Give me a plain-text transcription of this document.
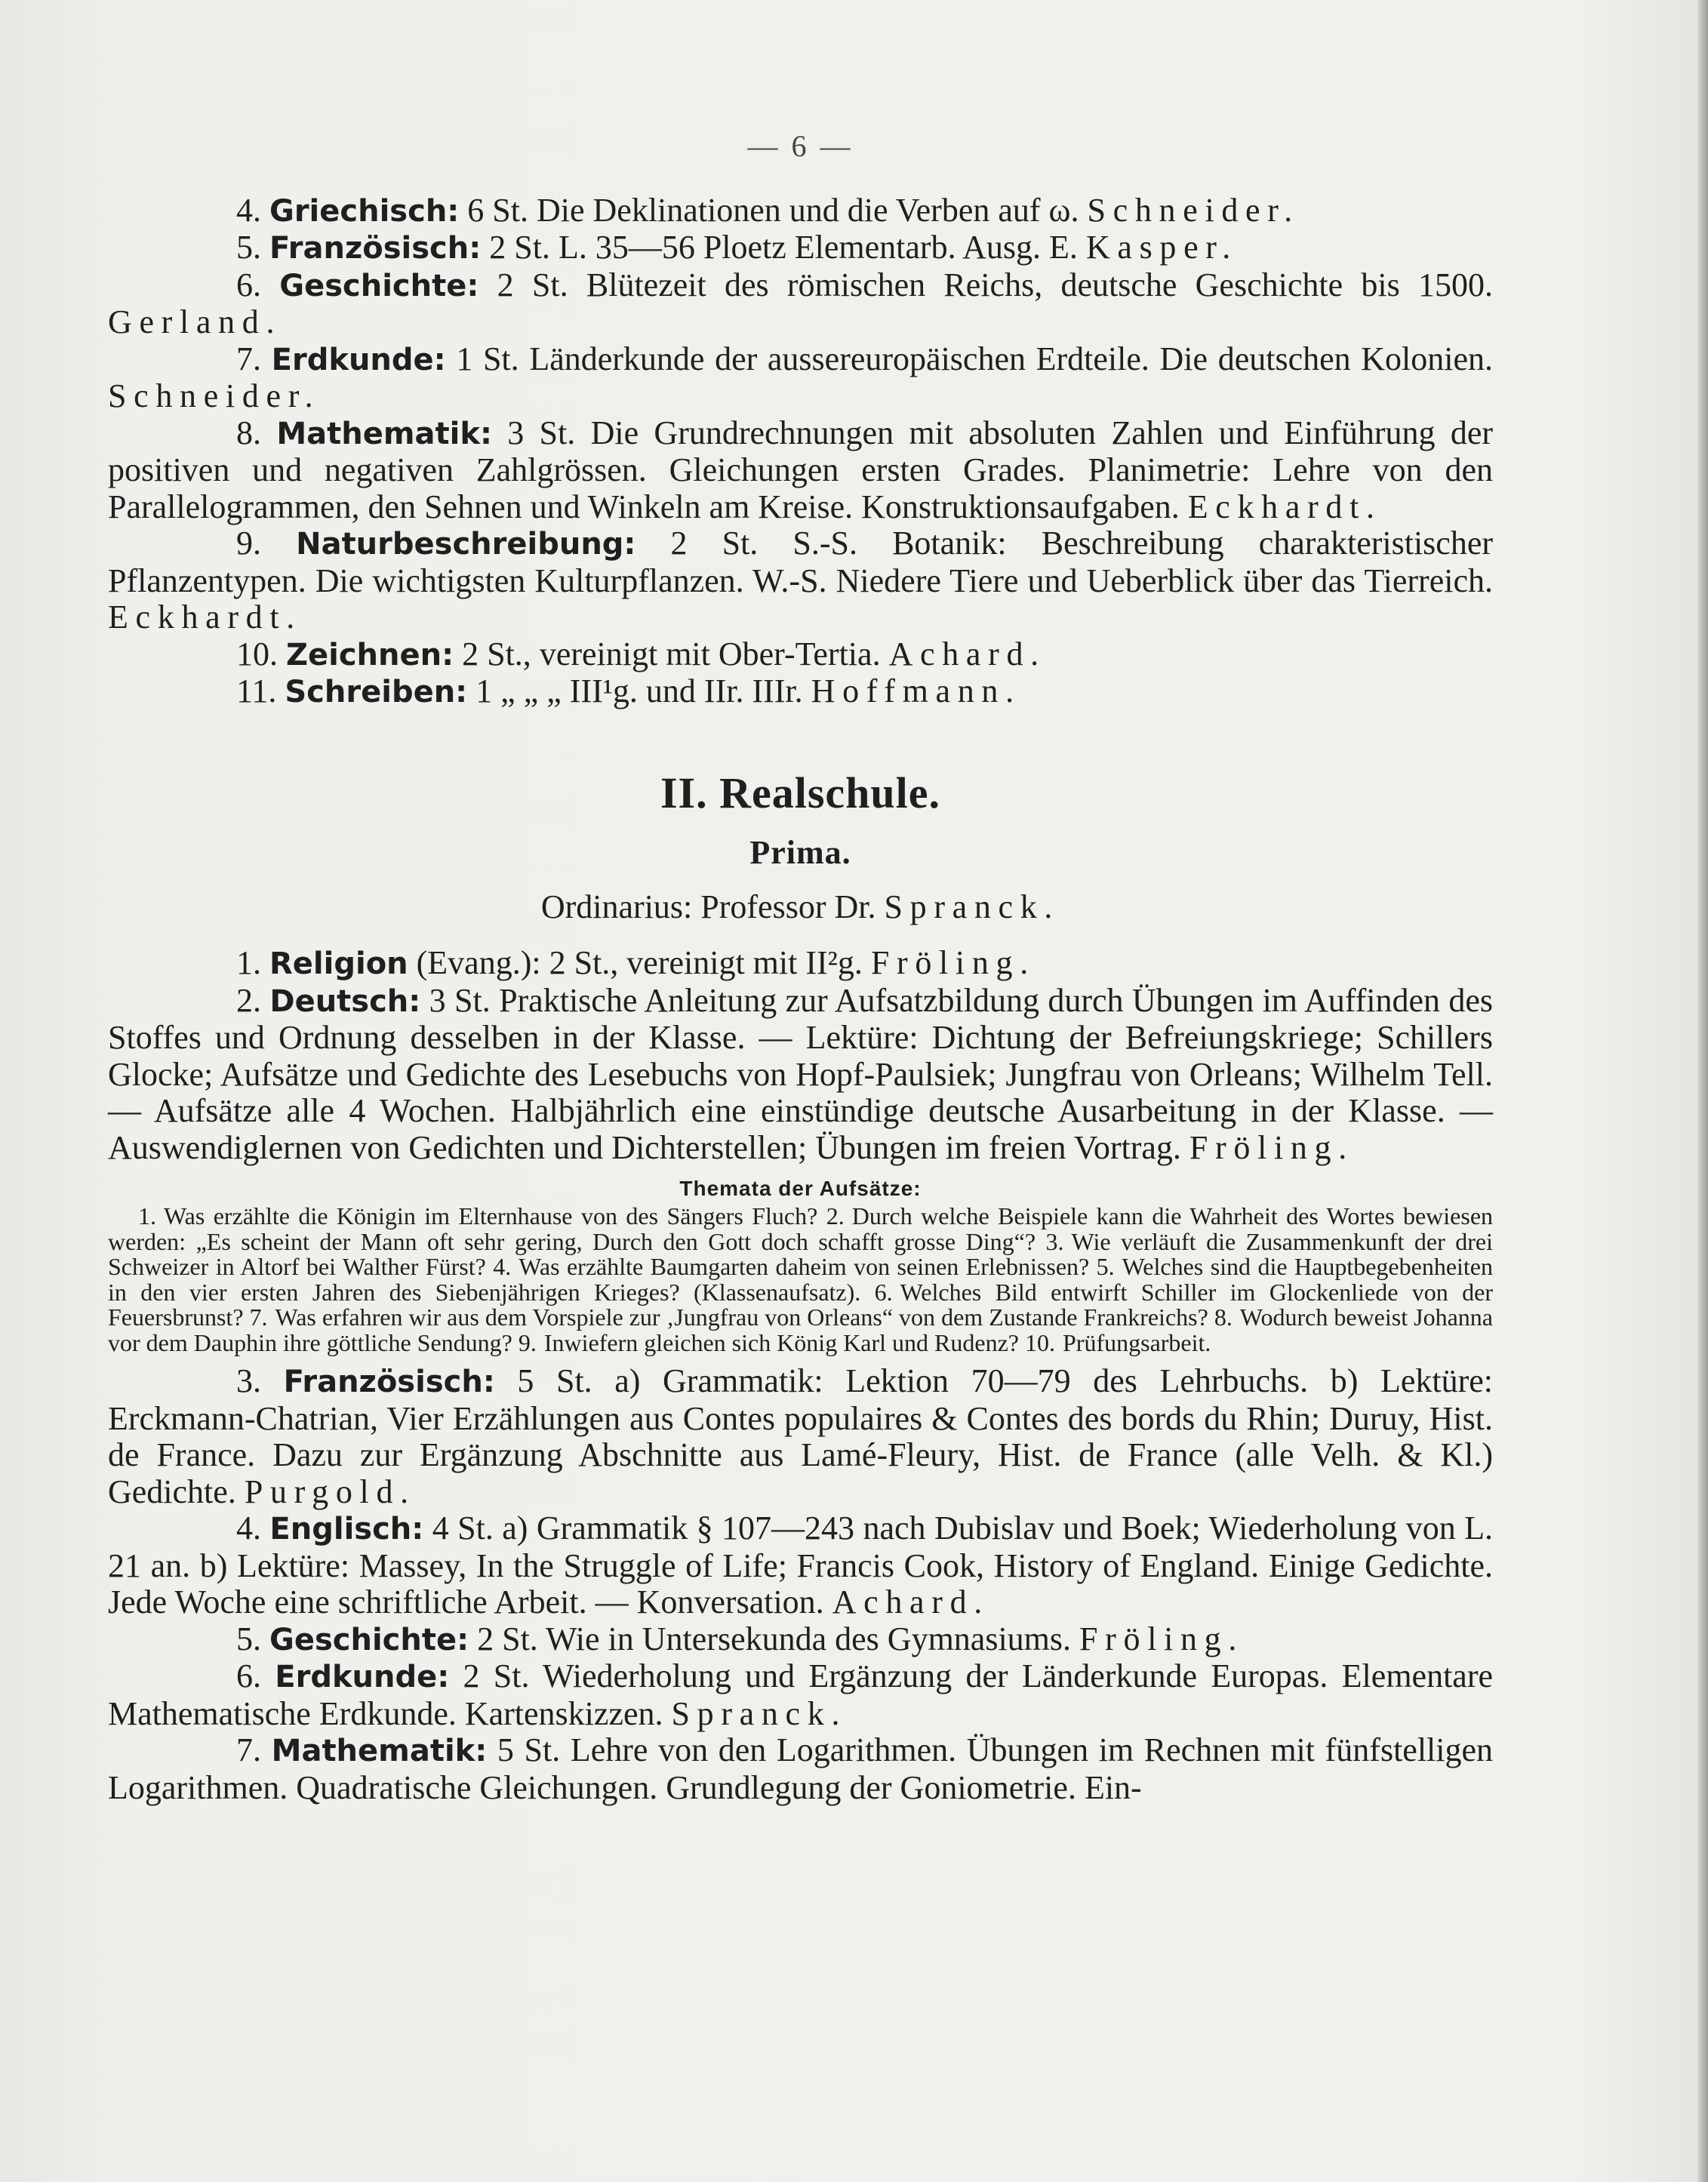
— 6 —

4. Griechisch: 6 St. Die Deklinationen und die Verben auf ω. Schneider.

5. Französisch: 2 St. L. 35—56 Ploetz Elementarb. Ausg. E. Kasper.

6. Geschichte: 2 St. Blütezeit des römischen Reichs, deutsche Geschichte bis 1500. Gerland.

7. Erdkunde: 1 St. Länderkunde der aussereuropäischen Erdteile. Die deutschen Kolonien. Schneider.

8. Mathematik: 3 St. Die Grundrechnungen mit absoluten Zahlen und Einführung der positiven und negativen Zahlgrössen. Gleichungen ersten Grades. Planimetrie: Lehre von den Parallelogrammen, den Sehnen und Winkeln am Kreise. Konstruktionsaufgaben. Eckhardt.

9. Naturbeschreibung: 2 St. S.-S. Botanik: Beschreibung charakteristischer Pflanzentypen. Die wichtigsten Kulturpflanzen. W.-S. Niedere Tiere und Ueberblick über das Tierreich. Eckhardt.

10. Zeichnen: 2 St., vereinigt mit Ober-Tertia. Achard.

11. Schreiben: 1 „ „ „ III¹g. und IIr. IIIr. Hoffmann.

II. Realschule.
Prima.
Ordinarius: Professor Dr. Spranck.

1. Religion (Evang.): 2 St., vereinigt mit II²g. Fröling.

2. Deutsch: 3 St. Praktische Anleitung zur Aufsatzbildung durch Übungen im Auffinden des Stoffes und Ordnung desselben in der Klasse. — Lektüre: Dichtung der Befreiungskriege; Schillers Glocke; Aufsätze und Gedichte des Lesebuchs von Hopf-Paulsiek; Jungfrau von Orleans; Wilhelm Tell. — Aufsätze alle 4 Wochen. Halbjährlich eine einstündige deutsche Ausarbeitung in der Klasse. — Auswendiglernen von Gedichten und Dichterstellen; Übungen im freien Vortrag. Fröling.

Themata der Aufsätze:

1. Was erzählte die Königin im Elternhause von des Sängers Fluch? 2. Durch welche Beispiele kann die Wahrheit des Wortes bewiesen werden: „Es scheint der Mann oft sehr gering, Durch den Gott doch schafft grosse Ding“? 3. Wie verläuft die Zusammenkunft der drei Schweizer in Altorf bei Walther Fürst? 4. Was erzählte Baumgarten daheim von seinen Erlebnissen? 5. Welches sind die Hauptbegebenheiten in den vier ersten Jahren des Siebenjährigen Krieges? (Klassenaufsatz). 6. Welches Bild entwirft Schiller im Glockenliede von der Feuersbrunst? 7. Was erfahren wir aus dem Vorspiele zur ‚Jungfrau von Orleans“ von dem Zustande Frankreichs? 8. Wodurch beweist Johanna vor dem Dauphin ihre göttliche Sendung? 9. Inwiefern gleichen sich König Karl und Rudenz? 10. Prüfungsarbeit.

3. Französisch: 5 St. a) Grammatik: Lektion 70—79 des Lehrbuchs. b) Lektüre: Erckmann-Chatrian, Vier Erzählungen aus Contes populaires & Contes des bords du Rhin; Duruy, Hist. de France. Dazu zur Ergänzung Abschnitte aus Lamé-Fleury, Hist. de France (alle Velh. & Kl.) Gedichte. Purgold.

4. Englisch: 4 St. a) Grammatik § 107—243 nach Dubislav und Boek; Wiederholung von L. 21 an. b) Lektüre: Massey, In the Struggle of Life; Francis Cook, History of England. Einige Gedichte. Jede Woche eine schriftliche Arbeit. — Konversation. Achard.

5. Geschichte: 2 St. Wie in Untersekunda des Gymnasiums. Fröling.

6. Erdkunde: 2 St. Wiederholung und Ergänzung der Länderkunde Europas. Elementare Mathematische Erdkunde. Kartenskizzen. Spranck.

7. Mathematik: 5 St. Lehre von den Logarithmen. Übungen im Rechnen mit fünfstelligen Logarithmen. Quadratische Gleichungen. Grundlegung der Goniometrie. Ein-
